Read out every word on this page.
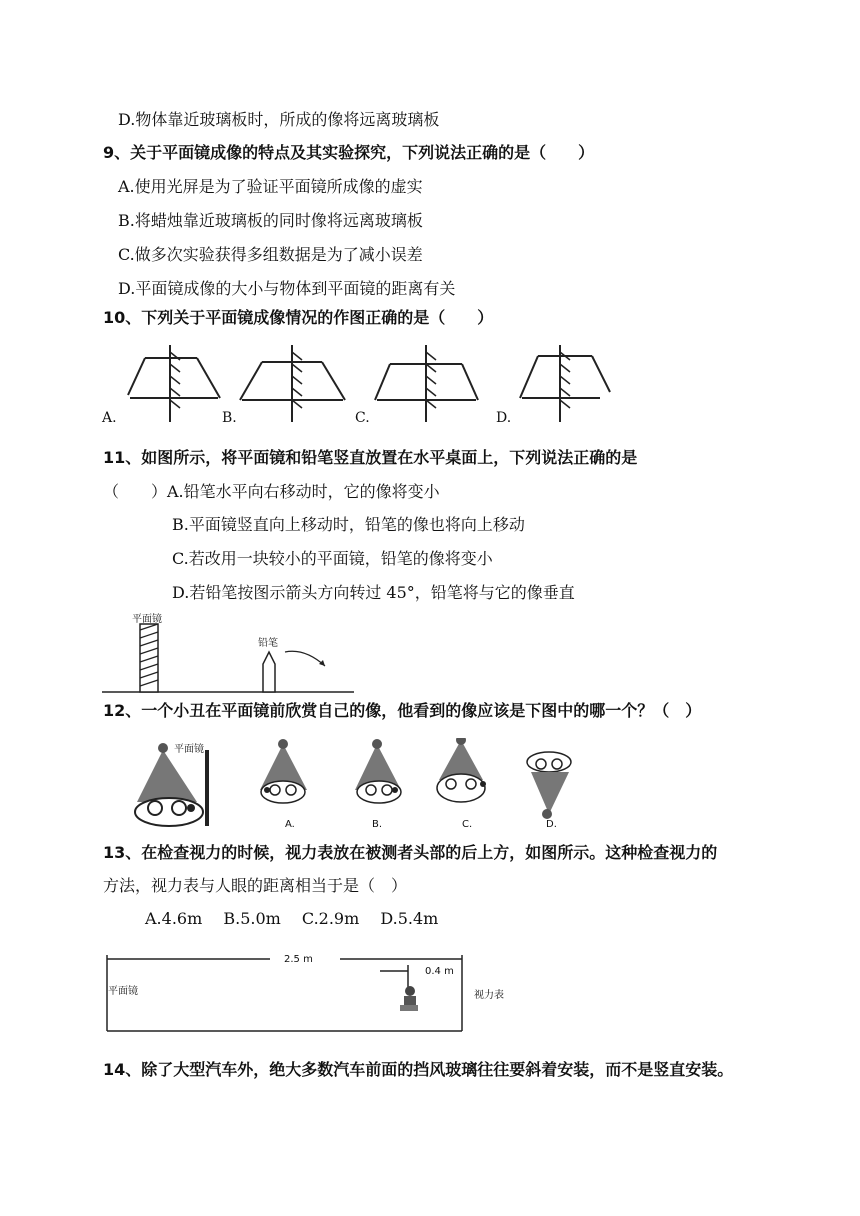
D.物体靠近玻璃板时，所成的像将远离玻璃板
9、关于平面镜成像的特点及其实验探究，下列说法正确的是（　　）
A.使用光屏是为了验证平面镜所成像的虚实
B.将蜡烛靠近玻璃板的同时像将远离玻璃板
C.做多次实验获得多组数据是为了减小误差
D.平面镜成像的大小与物体到平面镜的距离有关
10、下列关于平面镜成像情况的作图正确的是（　　）
A.	B.	C.	D.
11、如图所示，将平面镜和铅笔竖直放置在水平桌面上，下列说法正确的是
（　　）A.铅笔水平向右移动时，它的像将变小
B.平面镜竖直向上移动时，铅笔的像也将向上移动
C.若改用一块较小的平面镜，铅笔的像将变小
D.若铅笔按图示箭头方向转过 45°，铅笔将与它的像垂直
平面镜
铅笔
12、一个小丑在平面镜前欣赏自己的像，他看到的像应该是下图中的哪一个？（　）
平面镜
A.	B.	C.	D.
13、在检查视力的时候，视力表放在被测者头部的后上方，如图所示。这种检查视力的
方法，视力表与人眼的距离相当于是（　）
A.4.6m　 B.5.0m　 C.2.9m　 D.5.4m
2.5 m
0.4 m
平面镜	视力表
14、除了大型汽车外，绝大多数汽车前面的挡风玻璃往往要斜着安装，而不是竖直安装。
